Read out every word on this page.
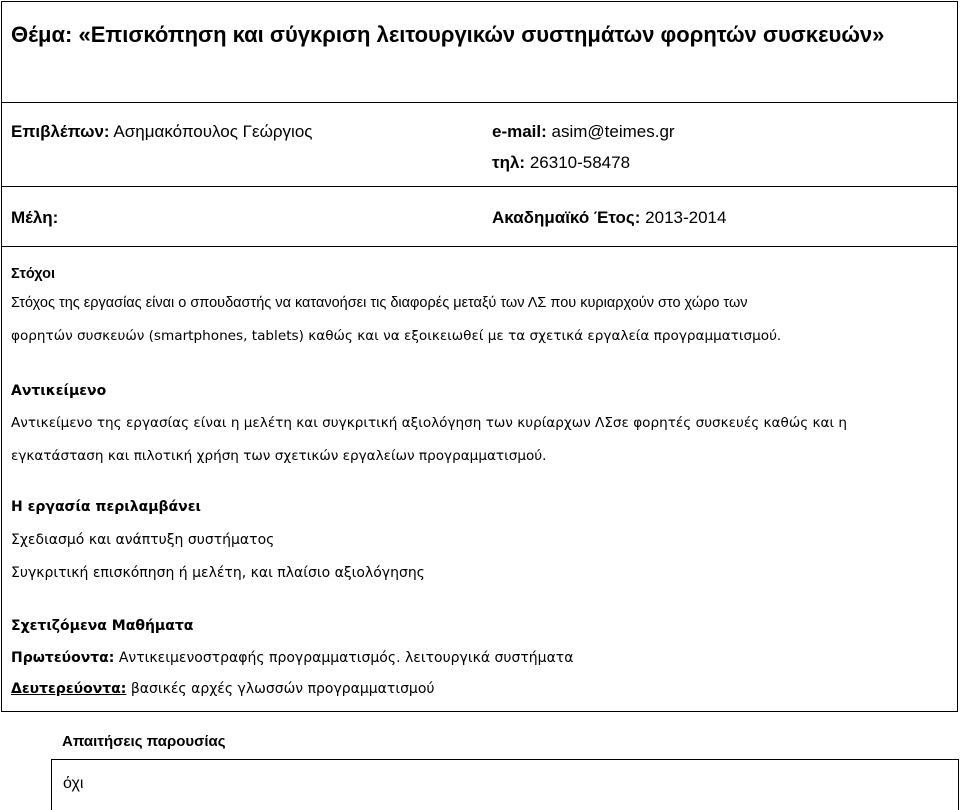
Θέμα: «Επισκόπηση και σύγκριση λειτουργικών συστημάτων φορητών συσκευών»
Επιβλέπων: Ασημακόπουλος Γεώργιος	e-mail: asim@teimes.gr
τηλ: 26310-58478
Μέλη:	Ακαδημαϊκό Έτος: 2013-2014
Στόχοι
Στόχος της εργασίας είναι ο σπουδαστής να κατανοήσει τις διαφορές μεταξύ των ΛΣ που κυριαρχούν στο χώρο των
φορητών συσκευών (smartphones, tablets) καθώς και να εξοικειωθεί με τα σχετικά εργαλεία προγραμματισμού.
Αντικείμενο
Αντικείμενο της εργασίας είναι η μελέτη και συγκριτική αξιολόγηση των κυρίαρχων ΛΣσε φορητές συσκευές καθώς και η
εγκατάσταση και πιλοτική χρήση των σχετικών εργαλείων προγραμματισμού.
Η εργασία περιλαμβάνει
Σχεδιασμό και ανάπτυξη συστήματος
Συγκριτική επισκόπηση ή μελέτη, και πλαίσιο αξιολόγησης
Σχετιζόμενα Μαθήματα
Πρωτεύοντα: Αντικειμενοστραφής προγραμματισμός. λειτουργικά συστήματα
Δευτερεύοντα: βασικές αρχές γλωσσών προγραμματισμού
Απαιτήσεις παρουσίας
όχι
